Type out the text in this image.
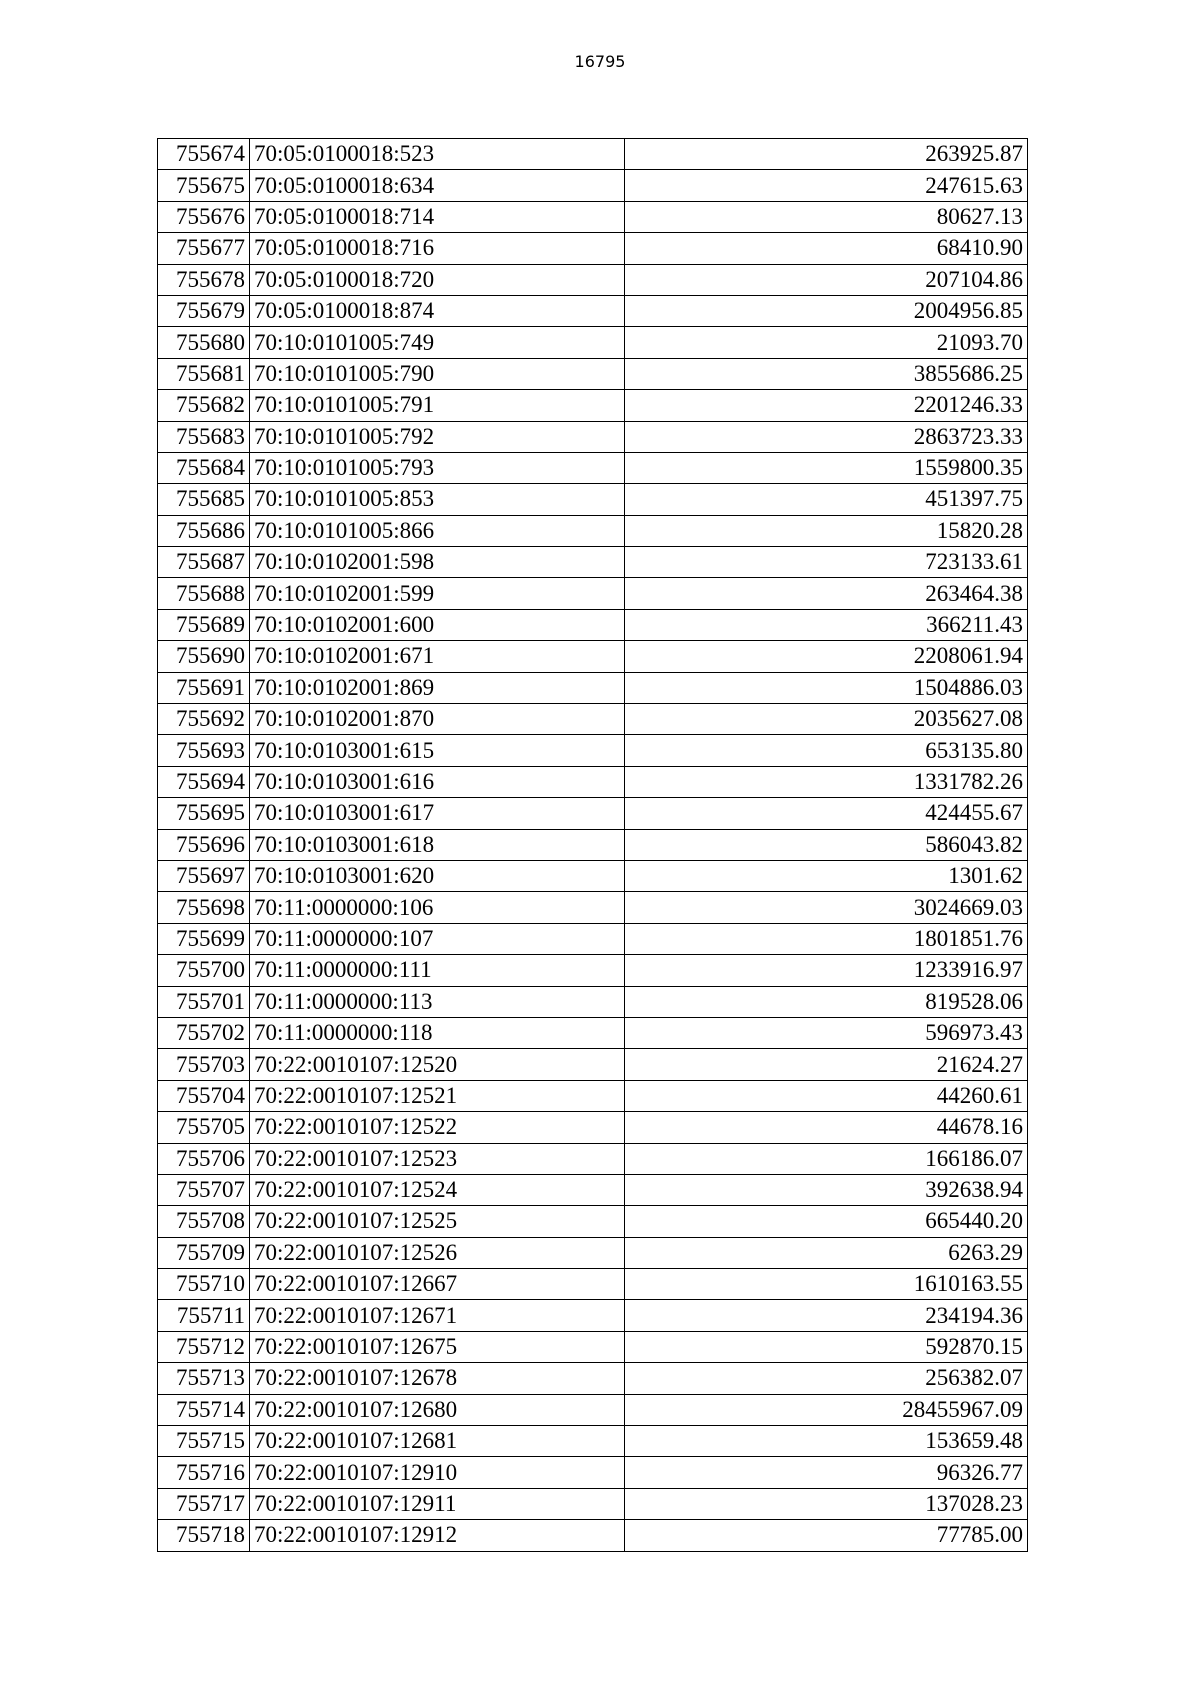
16795
755674	70:05:0100018:523	263925.87
755675	70:05:0100018:634	247615.63
755676	70:05:0100018:714	80627.13
755677	70:05:0100018:716	68410.90
755678	70:05:0100018:720	207104.86
755679	70:05:0100018:874	2004956.85
755680	70:10:0101005:749	21093.70
755681	70:10:0101005:790	3855686.25
755682	70:10:0101005:791	2201246.33
755683	70:10:0101005:792	2863723.33
755684	70:10:0101005:793	1559800.35
755685	70:10:0101005:853	451397.75
755686	70:10:0101005:866	15820.28
755687	70:10:0102001:598	723133.61
755688	70:10:0102001:599	263464.38
755689	70:10:0102001:600	366211.43
755690	70:10:0102001:671	2208061.94
755691	70:10:0102001:869	1504886.03
755692	70:10:0102001:870	2035627.08
755693	70:10:0103001:615	653135.80
755694	70:10:0103001:616	1331782.26
755695	70:10:0103001:617	424455.67
755696	70:10:0103001:618	586043.82
755697	70:10:0103001:620	1301.62
755698	70:11:0000000:106	3024669.03
755699	70:11:0000000:107	1801851.76
755700	70:11:0000000:111	1233916.97
755701	70:11:0000000:113	819528.06
755702	70:11:0000000:118	596973.43
755703	70:22:0010107:12520	21624.27
755704	70:22:0010107:12521	44260.61
755705	70:22:0010107:12522	44678.16
755706	70:22:0010107:12523	166186.07
755707	70:22:0010107:12524	392638.94
755708	70:22:0010107:12525	665440.20
755709	70:22:0010107:12526	6263.29
755710	70:22:0010107:12667	1610163.55
755711	70:22:0010107:12671	234194.36
755712	70:22:0010107:12675	592870.15
755713	70:22:0010107:12678	256382.07
755714	70:22:0010107:12680	28455967.09
755715	70:22:0010107:12681	153659.48
755716	70:22:0010107:12910	96326.77
755717	70:22:0010107:12911	137028.23
755718	70:22:0010107:12912	77785.00
